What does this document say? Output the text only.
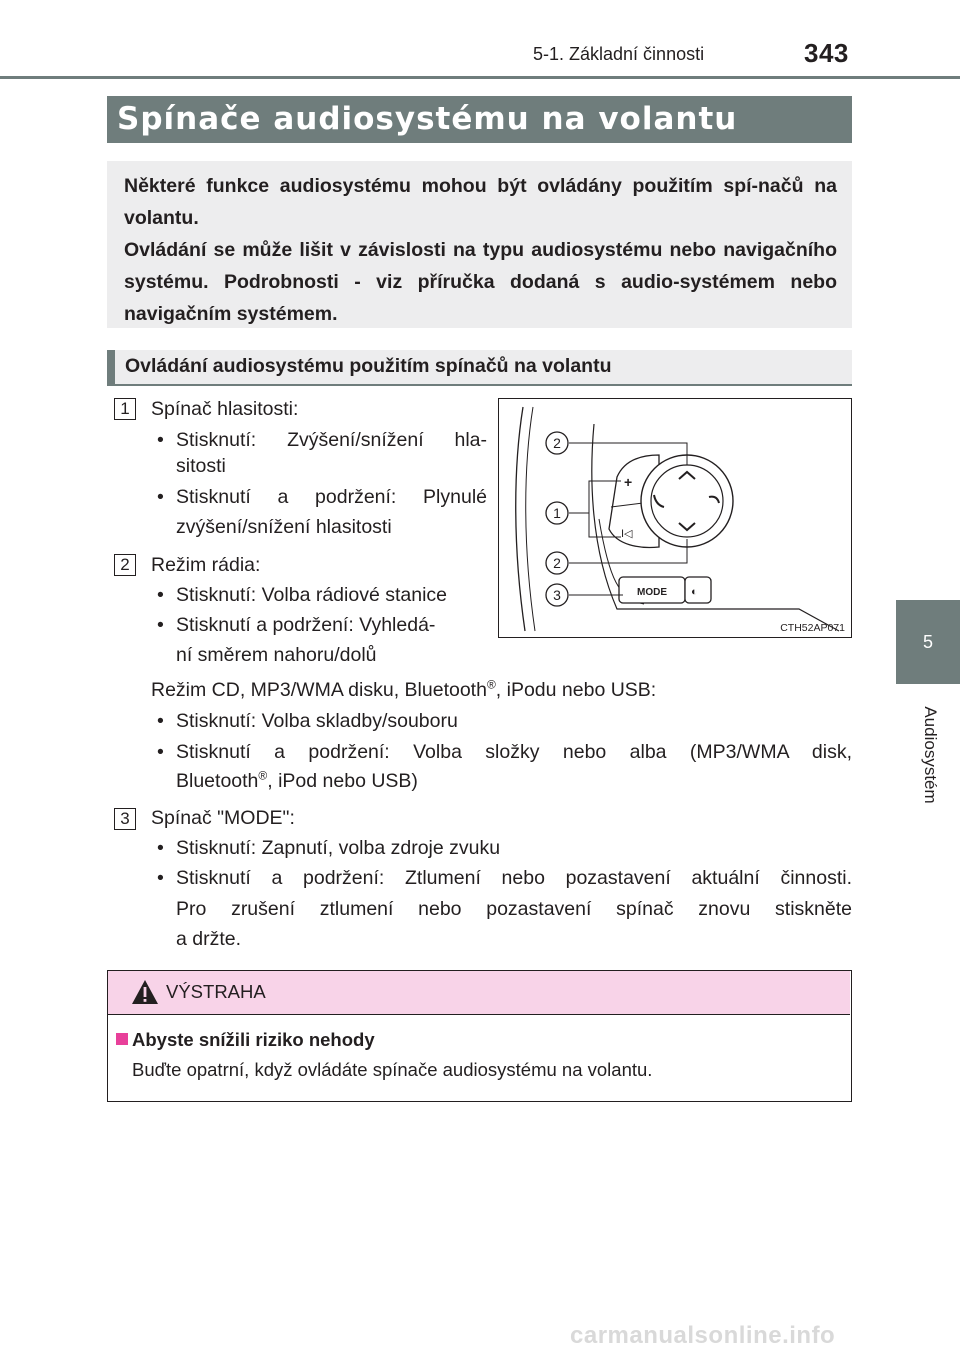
5-1. Základní činnosti	343
5
Audiosystém
Spínače audiosystému na volantu

Některé funkce audiosystému mohou být ovládány použitím spí-načů na volantu.

Ovládání se může lišit v závislosti na typu audiosystému nebo navigačního systému. Podrobnosti - viz příručka dodaná s audio-systémem nebo navigačním systémem.

Ovládání audiosystému použitím spínačů na volantu
1	Spínač hlasitosti:
• Stisknutí: Zvýšení/snížení hla-
sitosti
• Stisknutí a podržení: Plynulé
zvýšení/snížení hlasitosti
2	Režim rádia:
• Stisknutí: Volba rádiové stanice
• Stisknutí a podržení: Vyhledá-
ní směrem nahoru/dolů
Režim CD, MP3/WMA disku, Bluetooth®, iPodu nebo USB:
• Stisknutí: Volba skladby/souboru
• Stisknutí a podržení: Volba složky nebo alba (MP3/WMA disk,
Bluetooth®, iPod nebo USB)
3	Spínač "MODE":
• Stisknutí: Zapnutí, volba zdroje zvuku
• Stisknutí a podržení: Ztlumení nebo pozastavení aktuální činnosti.
Pro zrušení ztlumení nebo pozastavení spínač znovu stiskněte
a držte.
+
I◁
MODE ◐
2
1
2
3
CTH52AP071
VÝSTRAHA
Abyste snížili riziko nehody
Buďte opatrní, když ovládáte spínače audiosystému na volantu.
carmanualsonline.info
